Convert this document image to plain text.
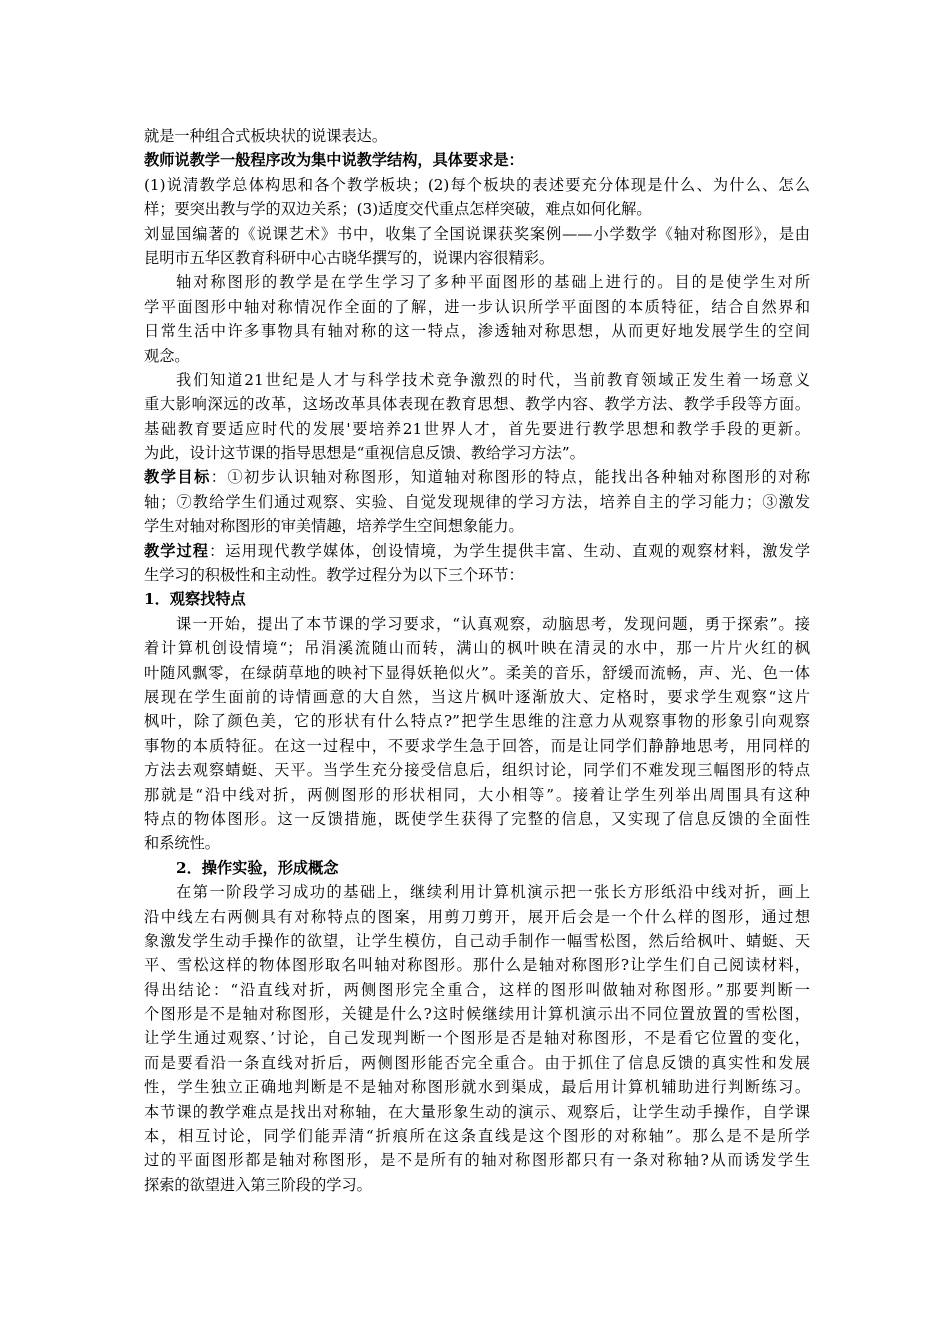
就是一种组合式板块状的说课表达。
教师说教学一般程序改为集中说教学结构，具体要求是：
(1)说清教学总体构思和各个教学板块；(2)每个板块的表述要充分体现是什么、为什么、怎么
样；要突出教与学的双边关系；(3)适度交代重点怎样突破，难点如何化解。
刘显国编著的《说课艺术》书中，收集了全国说课获奖案例——小学数学《轴对称图形》，是由
昆明市五华区教育科研中心古晓华撰写的，说课内容很精彩。
轴对称图形的教学是在学生学习了多种平面图形的基础上进行的。目的是使学生对所
学平面图形中轴对称情况作全面的了解，进一步认识所学平面图的本质特征，结合自然界和
日常生活中许多事物具有轴对称的这一特点，渗透轴对称思想，从而更好地发展学生的空间
观念。
我们知道21世纪是人才与科学技术竞争激烈的时代，当前教育领域正发生着一场意义
重大影响深远的改革，这场改革具体表现在教育思想、教学内容、教学方法、教学手段等方面。
基础教育要适应时代的发展'要培养21世界人才，首先要进行教学思想和教学手段的更新。
为此，设计这节课的指导思想是“重视信息反馈、教给学习方法”。
教学目标：①初步认识轴对称图形，知道轴对称图形的特点，能找出各种轴对称图形的对称
轴；⑦教给学生们通过观察、实验、自觉发现规律的学习方法，培养自主的学习能力；③激发
学生对轴对称图形的审美情趣，培养学生空间想象能力。
教学过程：运用现代教学媒体，创设情境，为学生提供丰富、生动、直观的观察材料，激发学
生学习的积极性和主动性。教学过程分为以下三个环节：
1．观察找特点
课一开始，提出了本节课的学习要求，“认真观察，动脑思考，发现问题，勇于探索”。接
着计算机创设情境“；吊涓溪流随山而转，满山的枫叶映在清灵的水中，那一片片火红的枫
叶随风飘零，在绿荫草地的映衬下显得妖艳似火”。柔美的音乐，舒缓而流畅，声、光、色一体
展现在学生面前的诗情画意的大自然，当这片枫叶逐渐放大、定格时，要求学生观察“这片
枫叶，除了颜色美，它的形状有什么特点?”把学生思维的注意力从观察事物的形象引向观察
事物的本质特征。在这一过程中，不要求学生急于回答，而是让同学们静静地思考，用同样的
方法去观察蜻蜓、天平。当学生充分接受信息后，组织讨论，同学们不难发现三幅图形的特点
那就是“沿中线对折，两侧图形的形状相同，大小相等”。接着让学生列举出周围具有这种
特点的物体图形。这一反馈措施，既使学生获得了完整的信息，又实现了信息反馈的全面性
和系统性。
2．操作实验，形成概念
在第一阶段学习成功的基础上，继续利用计算机演示把一张长方形纸沿中线对折，画上
沿中线左右两侧具有对称特点的图案，用剪刀剪开，展开后会是一个什么样的图形，通过想
象激发学生动手操作的欲望，让学生模仿，自己动手制作一幅雪松图，然后给枫叶、蜻蜓、天
平、雪松这样的物体图形取名叫轴对称图形。那什么是轴对称图形?让学生们自己阅读材料，
得出结论：“沿直线对折，两侧图形完全重合，这样的图形叫做轴对称图形。”那要判断一
个图形是不是轴对称图形，关键是什么?这时候继续用计算机演示出不同位置放置的雪松图，
让学生通过观察、’讨论，自己发现判断一个图形是否是轴对称图形，不是看它位置的变化，
而是要看沿一条直线对折后，两侧图形能否完全重合。由于抓住了信息反馈的真实性和发展
性，学生独立正确地判断是不是轴对称图形就水到渠成，最后用计算机辅助进行判断练习。
本节课的教学难点是找出对称轴，在大量形象生动的演示、观察后，让学生动手操作，自学课
本，相互讨论，同学们能弄清“折痕所在这条直线是这个图形的对称轴”。那么是不是所学
过的平面图形都是轴对称图形，是不是所有的轴对称图形都只有一条对称轴?从而诱发学生
探索的欲望进入第三阶段的学习。
